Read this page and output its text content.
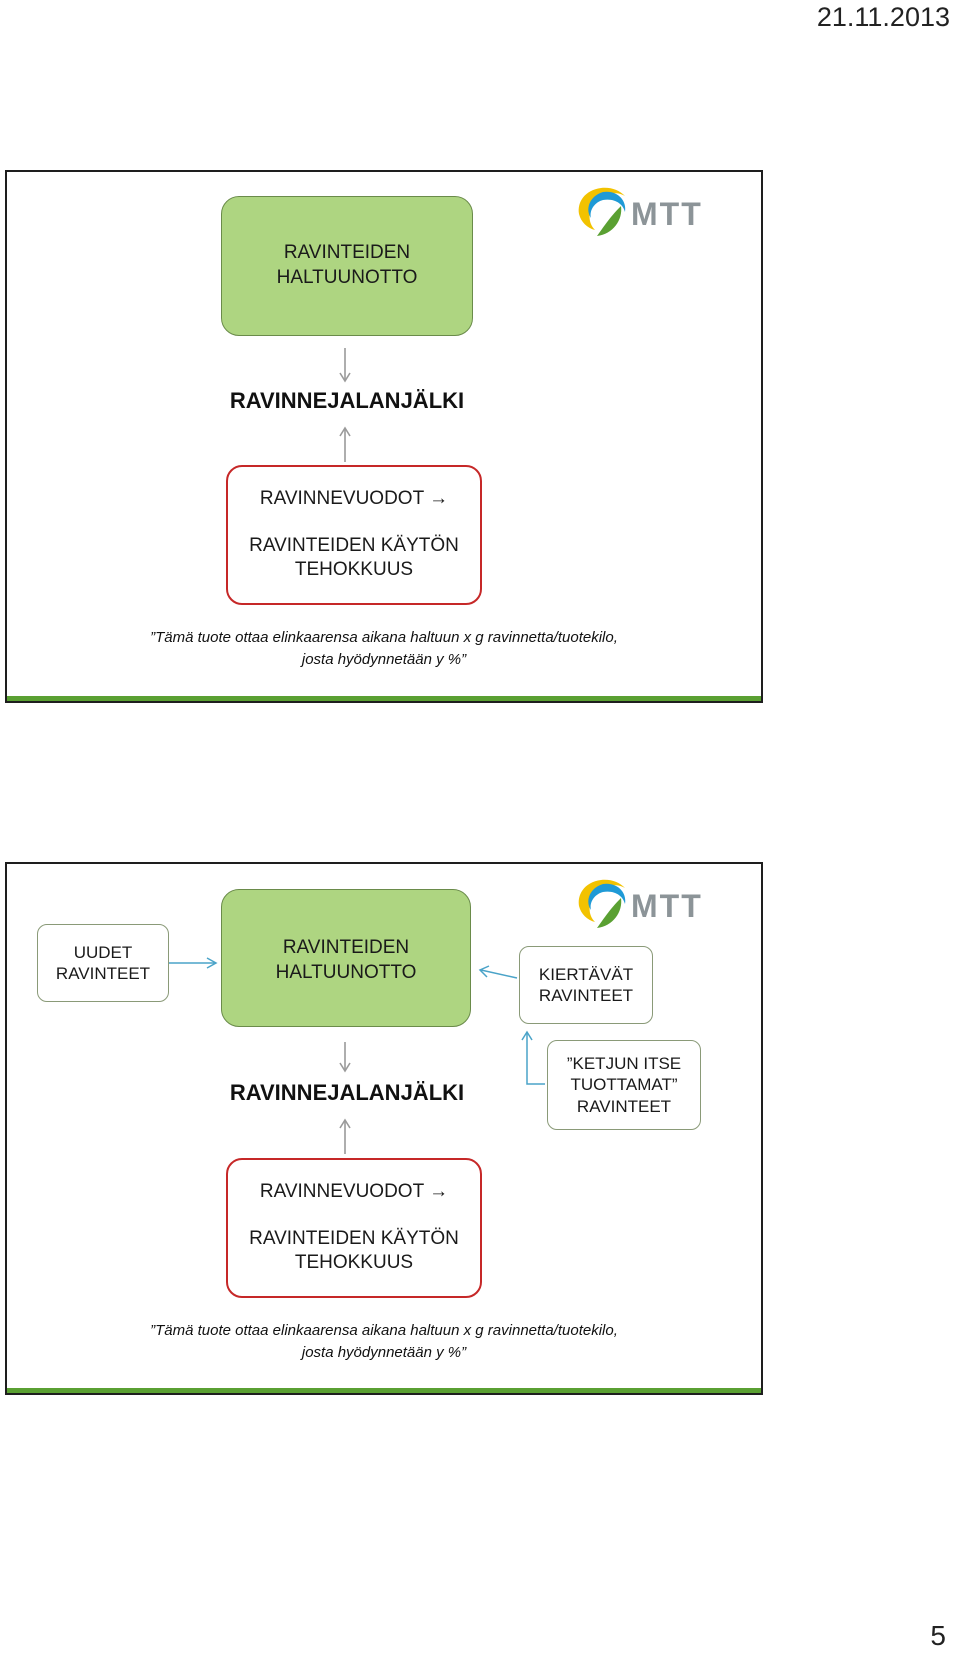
21.11.2013
MTT
RAVINTEIDEN
HALTUUNOTTO
RAVINNEJALANJÄLKI
RAVINNEVUODOT →
RAVINTEIDEN KÄYTÖN
TEHOKKUUS
”Tämä tuote ottaa elinkaarensa aikana haltuun x g ravinnetta/tuotekilo,
josta hyödynnetään y %”
MTT
UUDET
RAVINTEET
RAVINTEIDEN
HALTUUNOTTO	KIERTÄVÄT
RAVINTEET
”KETJUN ITSE
TUOTTAMAT”
RAVINTEET
RAVINNEJALANJÄLKI
RAVINNEVUODOT →
RAVINTEIDEN KÄYTÖN
TEHOKKUUS
”Tämä tuote ottaa elinkaarensa aikana haltuun x g ravinnetta/tuotekilo,
josta hyödynnetään y %”
5
